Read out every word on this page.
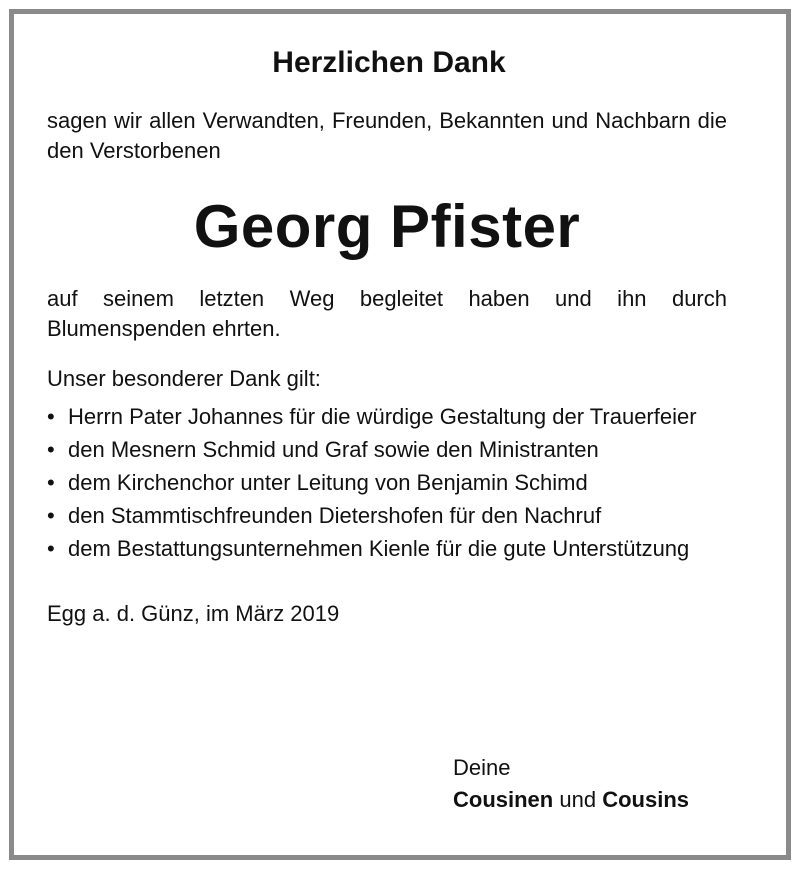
Herzlichen Dank

sagen wir allen Verwandten, Freunden, Bekannten und Nachbarn die den Verstorbenen

Georg Pfister

auf seinem letzten Weg begleitet haben und ihn durch Blumenspenden ehrten.

Unser besonderer Dank gilt:

• Herrn Pater Johannes für die würdige Gestaltung der Trauerfeier
• den Mesnern Schmid und Graf sowie den Ministranten
• dem Kirchenchor unter Leitung von Benjamin Schimd
• den Stammtischfreunden Dietershofen für den Nachruf
• dem Bestattungsunternehmen Kienle für die gute Unterstützung

Egg a. d. Günz, im März 2019

Deine
Cousinen und Cousins
